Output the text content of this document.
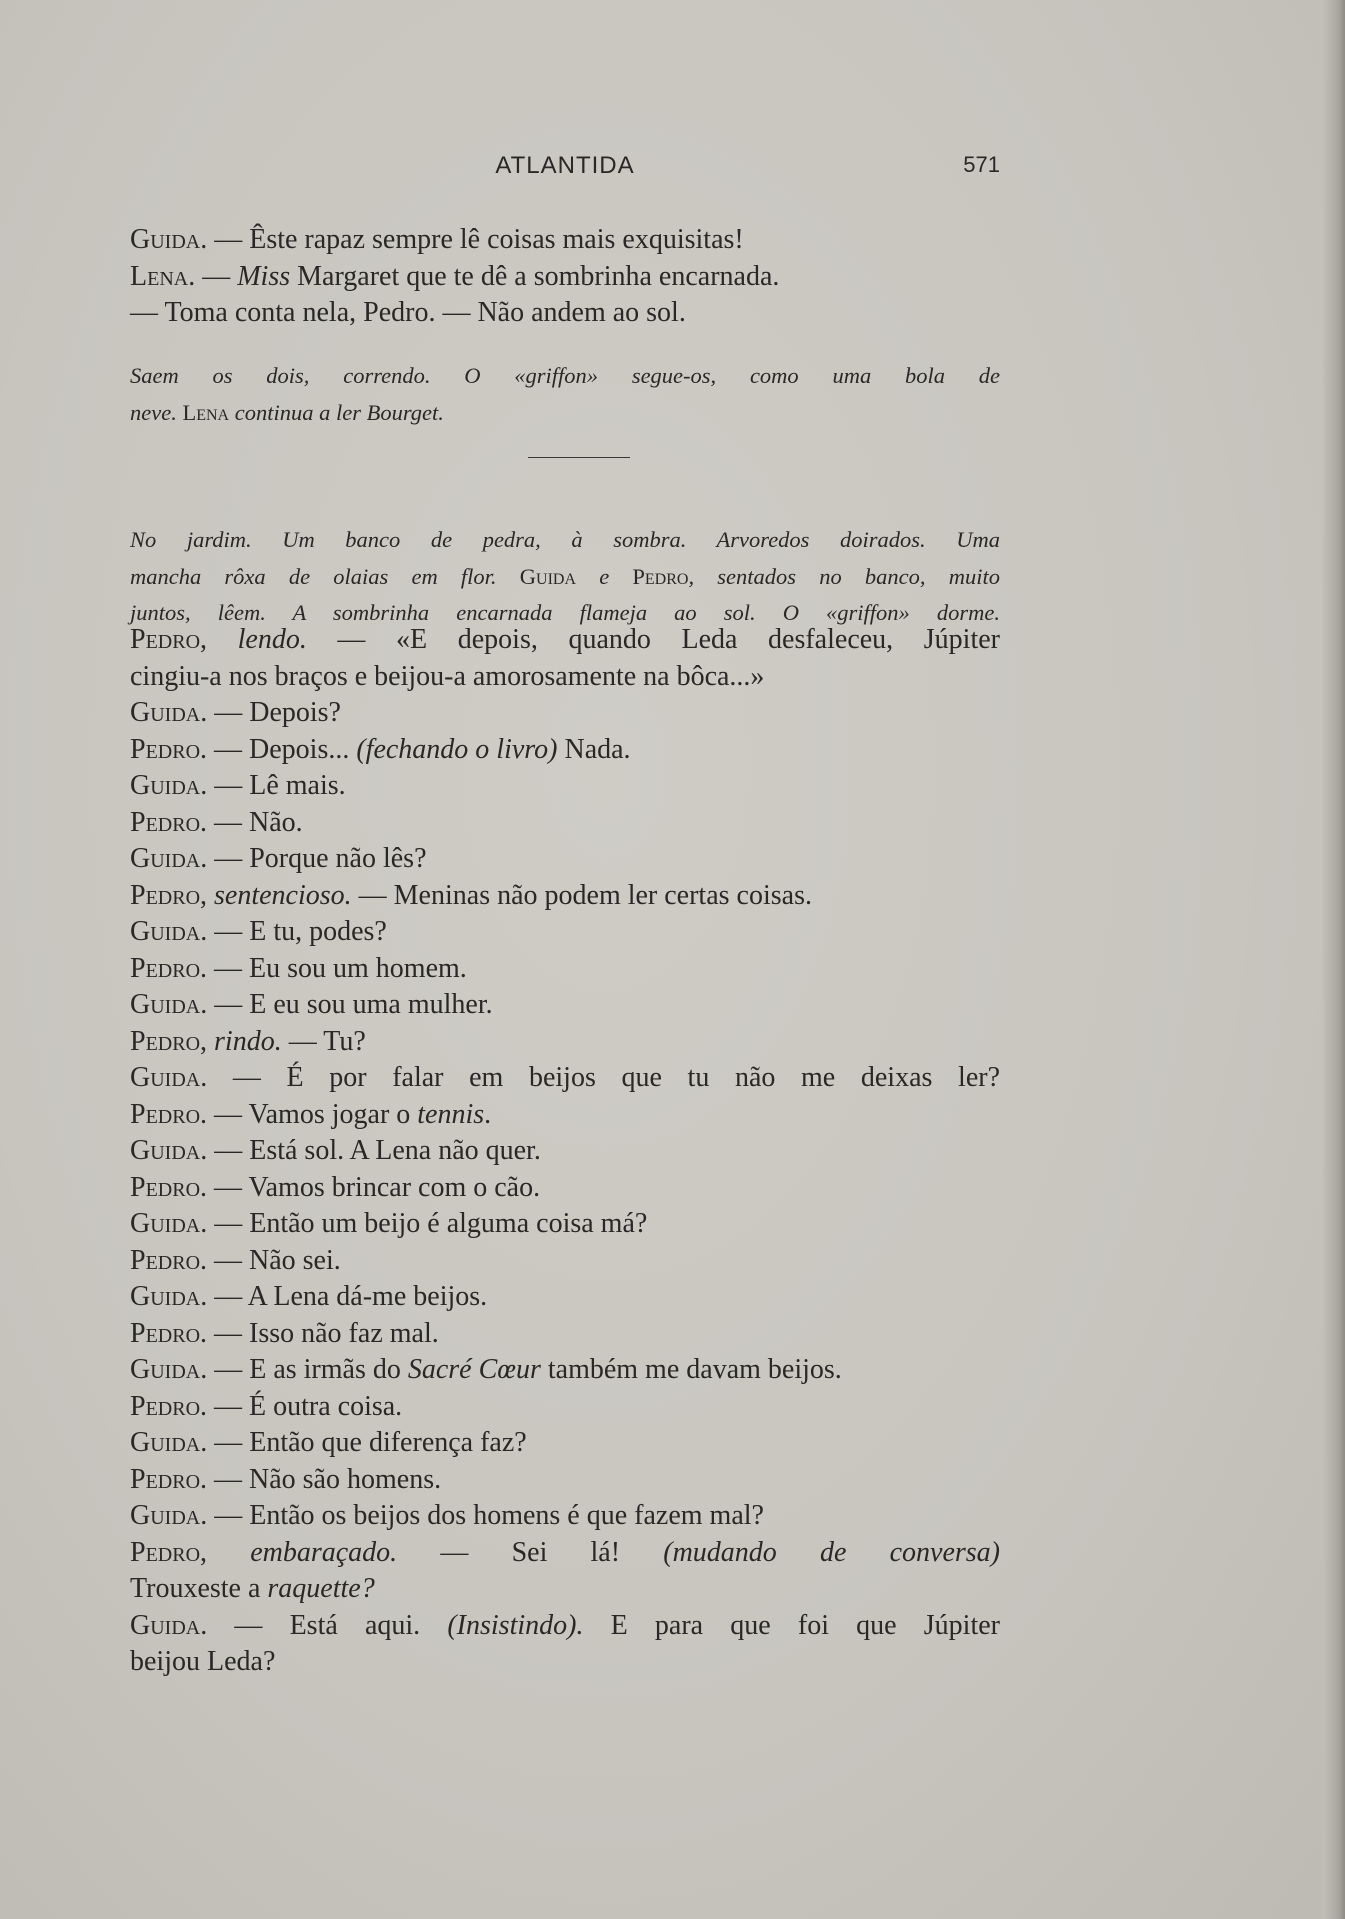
ATLANTIDA	571
Guida. — Êste rapaz sempre lê coisas mais exquisitas!
Lena. — Miss Margaret que te dê a sombrinha encarnada.
— Toma conta nela, Pedro. — Não andem ao sol.
Saem os dois, correndo. O «griffon» segue-os, como uma bola de
neve. Lena continua a ler Bourget.
No jardim. Um banco de pedra, à sombra. Arvoredos doirados. Uma
mancha rôxa de olaias em flor. Guida e Pedro, sentados no banco, muito
juntos, lêem. A sombrinha encarnada flameja ao sol. O «griffon» dorme.
Pedro, lendo. — «E depois, quando Leda desfaleceu, Júpiter
cingiu-a nos braços e beijou-a amorosamente na bôca...»
Guida. — Depois?
Pedro. — Depois... (fechando o livro) Nada.
Guida. — Lê mais.
Pedro. — Não.
Guida. — Porque não lês?
Pedro, sentencioso. — Meninas não podem ler certas coisas.
Guida. — E tu, podes?
Pedro. — Eu sou um homem.
Guida. — E eu sou uma mulher.
Pedro, rindo. — Tu?
Guida. — É por falar em beijos que tu não me deixas ler?
Pedro. — Vamos jogar o tennis.
Guida. — Está sol. A Lena não quer.
Pedro. — Vamos brincar com o cão.
Guida. — Então um beijo é alguma coisa má?
Pedro. — Não sei.
Guida. — A Lena dá-me beijos.
Pedro. — Isso não faz mal.
Guida. — E as irmãs do Sacré Cœur também me davam beijos.
Pedro. — É outra coisa.
Guida. — Então que diferença faz?
Pedro. — Não são homens.
Guida. — Então os beijos dos homens é que fazem mal?
Pedro, embaraçado. — Sei lá! (mudando de conversa)
Trouxeste a raquette?
Guida. — Está aqui. (Insistindo). E para que foi que Júpiter
beijou Leda?
